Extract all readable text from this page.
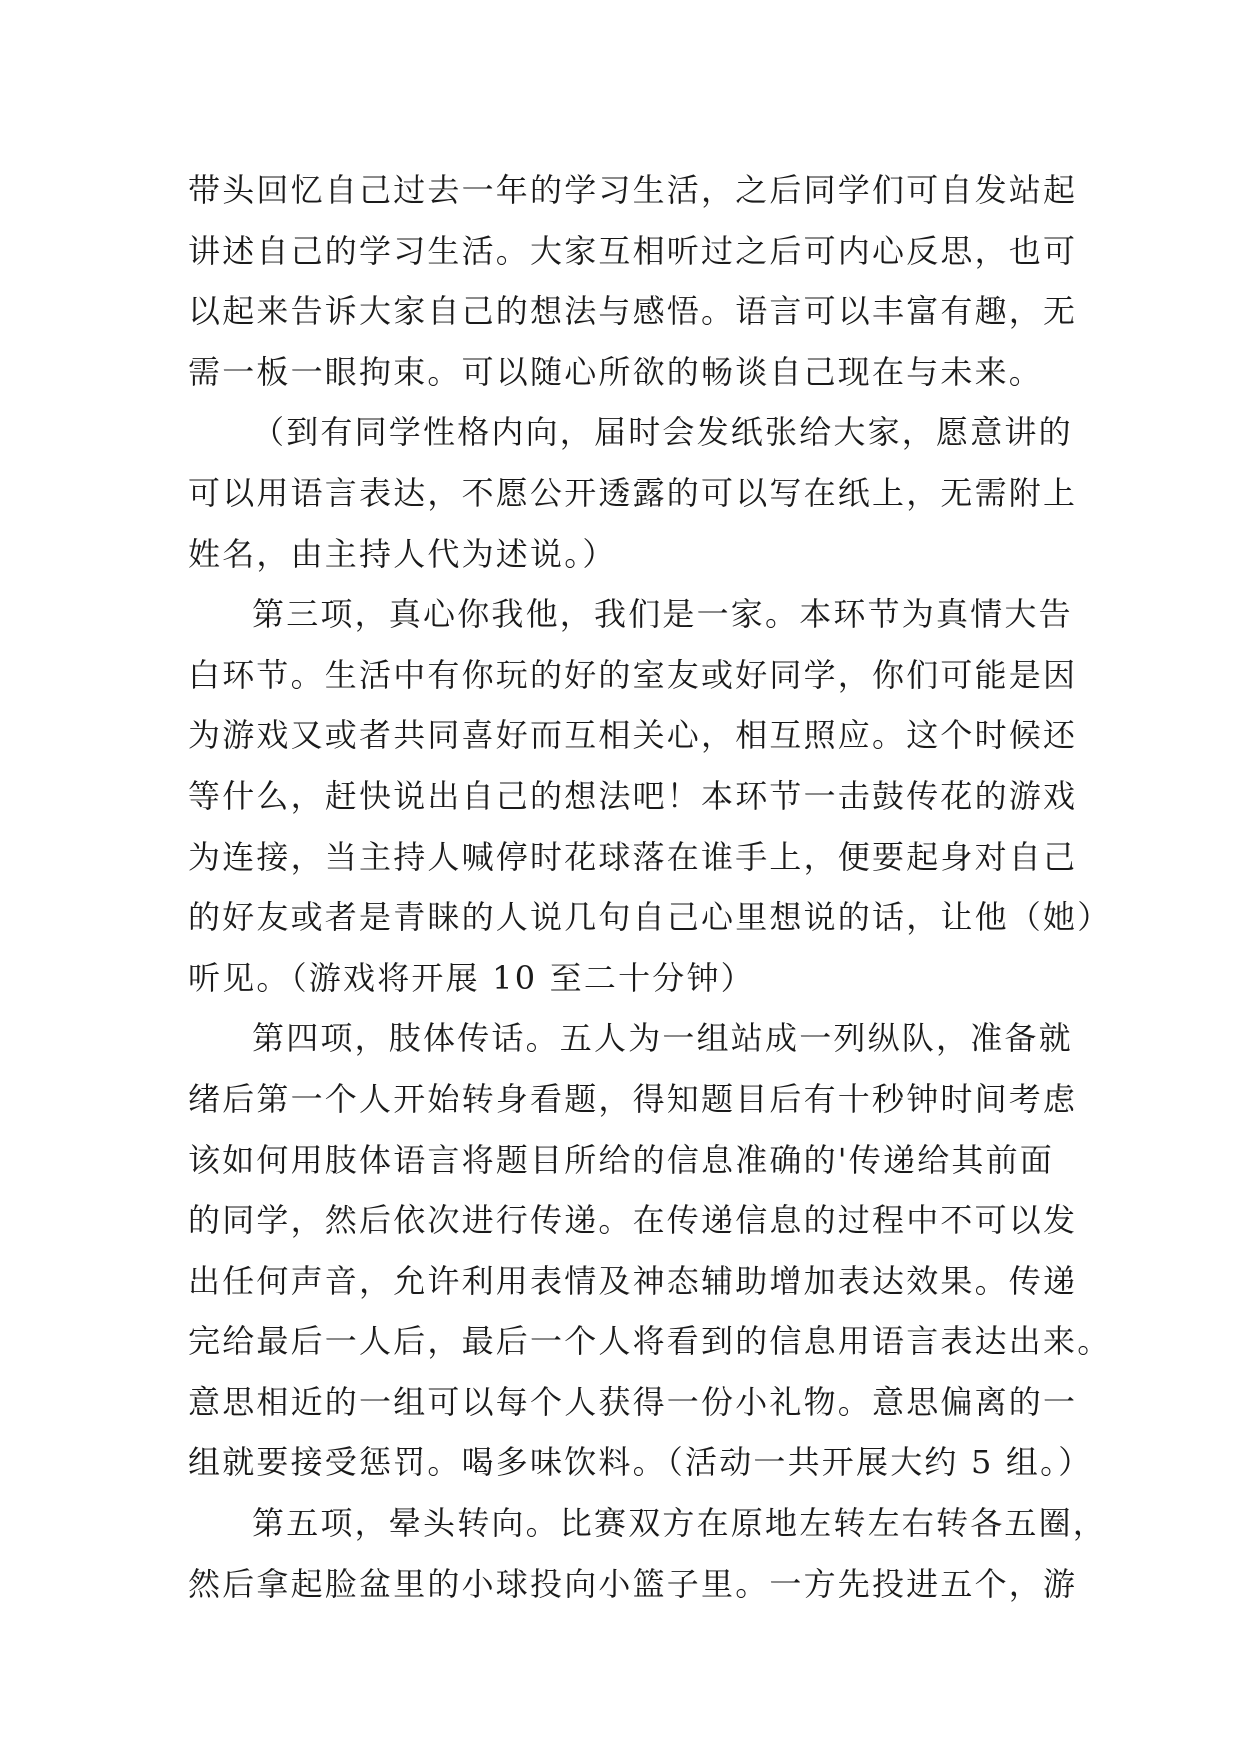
带头回忆自己过去一年的学习生活，之后同学们可自发站起
讲述自己的学习生活。大家互相听过之后可内心反思，也可
以起来告诉大家自己的想法与感悟。语言可以丰富有趣，无
需一板一眼拘束。可以随心所欲的畅谈自己现在与未来。
（到有同学性格内向，届时会发纸张给大家，愿意讲的
可以用语言表达，不愿公开透露的可以写在纸上，无需附上
姓名，由主持人代为述说。）
第三项，真心你我他，我们是一家。本环节为真情大告
白环节。生活中有你玩的好的室友或好同学，你们可能是因
为游戏又或者共同喜好而互相关心，相互照应。这个时候还
等什么，赶快说出自己的想法吧！本环节一击鼓传花的游戏
为连接，当主持人喊停时花球落在谁手上，便要起身对自己
的好友或者是青睐的人说几句自己心里想说的话，让他（她）
听见。（游戏将开展 10 至二十分钟）
第四项，肢体传话。五人为一组站成一列纵队，准备就
绪后第一个人开始转身看题，得知题目后有十秒钟时间考虑
该如何用肢体语言将题目所给的信息准确的'传递给其前面
的同学，然后依次进行传递。在传递信息的过程中不可以发
出任何声音，允许利用表情及神态辅助增加表达效果。传递
完给最后一人后，最后一个人将看到的信息用语言表达出来。
意思相近的一组可以每个人获得一份小礼物。意思偏离的一
组就要接受惩罚。喝多味饮料。（活动一共开展大约 5 组。）
第五项，晕头转向。比赛双方在原地左转左右转各五圈，
然后拿起脸盆里的小球投向小篮子里。一方先投进五个，游
